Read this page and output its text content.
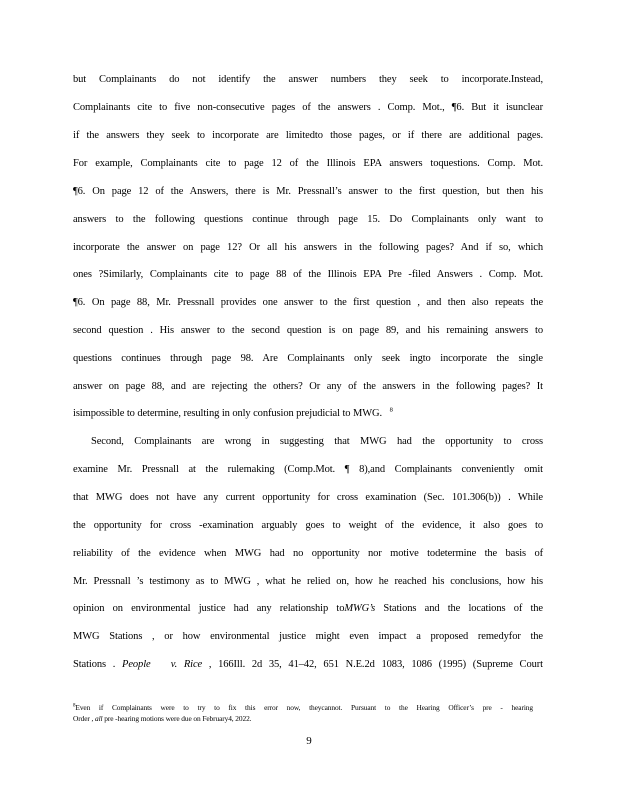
but Complainants do not identify the answer numbers they seek to incorporate.Instead,
Complainants cite to five non-consecutive pages of the answers . Comp. Mot., ¶6. But it isunclear
if the answers they seek to incorporate are limitedto those pages, or if there are additional pages.
For example, Complainants cite to page 12 of the Illinois EPA answers toquestions. Comp. Mot.
¶6. On page 12 of the Answers, there is Mr. Pressnall’s answer to the first question, but then his
answers to the following questions continue through page 15. Do Complainants only want to
incorporate the answer on page 12? Or all his answers in the following pages? And if so, which
ones ?Similarly, Complainants cite to page 88 of the Illinois EPA Pre -filed Answers . Comp. Mot.
¶6. On page 88, Mr. Pressnall provides one answer to the first question , and then also repeats the
second question . His answer to the second question is on page 89, and his remaining answers to
questions continues through page 98. Are Complainants only seek ingto incorporate the single
answer on page 88, and are rejecting the others? Or any of the answers in the following pages? It
isimpossible to determine, resulting in only confusion prejudicial to MWG. $^8$
Second, Complainants are wrong in suggesting that MWG had the opportunity to cross
examine Mr. Pressnall at the rulemaking (Comp.Mot. ¶ 8),and Complainants conveniently omit
that MWG does not have any current opportunity for cross examination (Sec. 101.306(b)) . While
the opportunity for cross -examination arguably goes to weight of the evidence, it also goes to
reliability of the evidence when MWG had no opportunity nor motive todetermine the basis of
Mr. Pressnall ’s testimony as to MWG , what he relied on, how he reached his conclusions, how his
opinion on environmental justice had any relationship toMWG’s Stations and the locations of the
MWG Stations , or how environmental justice might even impact a proposed remedyfor the
Stations . People v. Rice , 166Ill. 2d 35, 41–42, 651 N.E.2d 1083, 1086 (1995) (Supreme Court
$^8$Even if Complainants were to try to fix this error now, theycannot. Pursuant to the Hearing Officer’s pre - hearing
Order , all pre -hearing motions were due on February4, 2022.
9
